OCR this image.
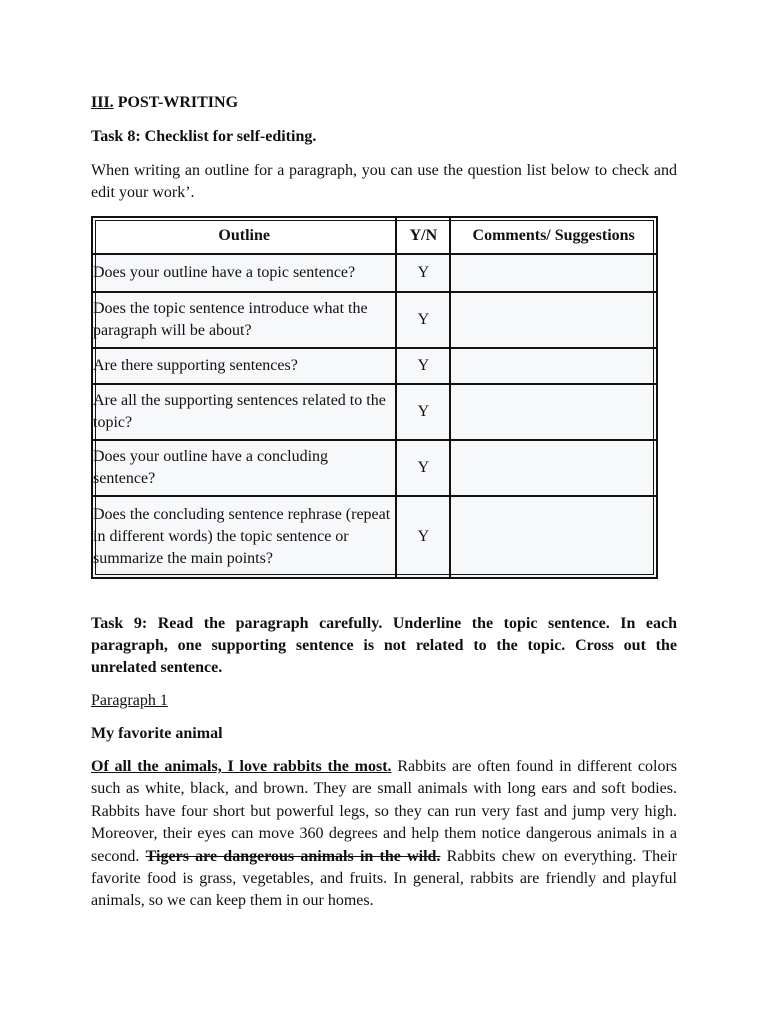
III. POST-WRITING
Task 8: Checklist for self-editing.
When writing an outline for a paragraph, you can use the question list below to check and edit your work’.
Outline	Y/N	Comments/ Suggestions
Does your outline have a topic sentence?	Y	
Does the topic sentence introduce what the paragraph will be about?	Y	
Are there supporting sentences?	Y	
Are all the supporting sentences related to the topic?	Y	
Does your outline have a concluding sentence?	Y	
Does the concluding sentence rephrase (repeat in different words) the topic sentence or summarize the main points?	Y	
Task 9: Read the paragraph carefully. Underline the topic sentence. In each paragraph, one supporting sentence is not related to the topic. Cross out the unrelated sentence.
Paragraph 1
My favorite animal

Of all the animals, I love rabbits the most. Rabbits are often found in different colors such as white, black, and brown. They are small animals with long ears and soft bodies. Rabbits have four short but powerful legs, so they can run very fast and jump very high. Moreover, their eyes can move 360 degrees and help them notice dangerous animals in a second. Tigers are dangerous animals in the wild. Rabbits chew on everything. Their favorite food is grass, vegetables, and fruits. In general, rabbits are friendly and playful animals, so we can keep them in our homes.
